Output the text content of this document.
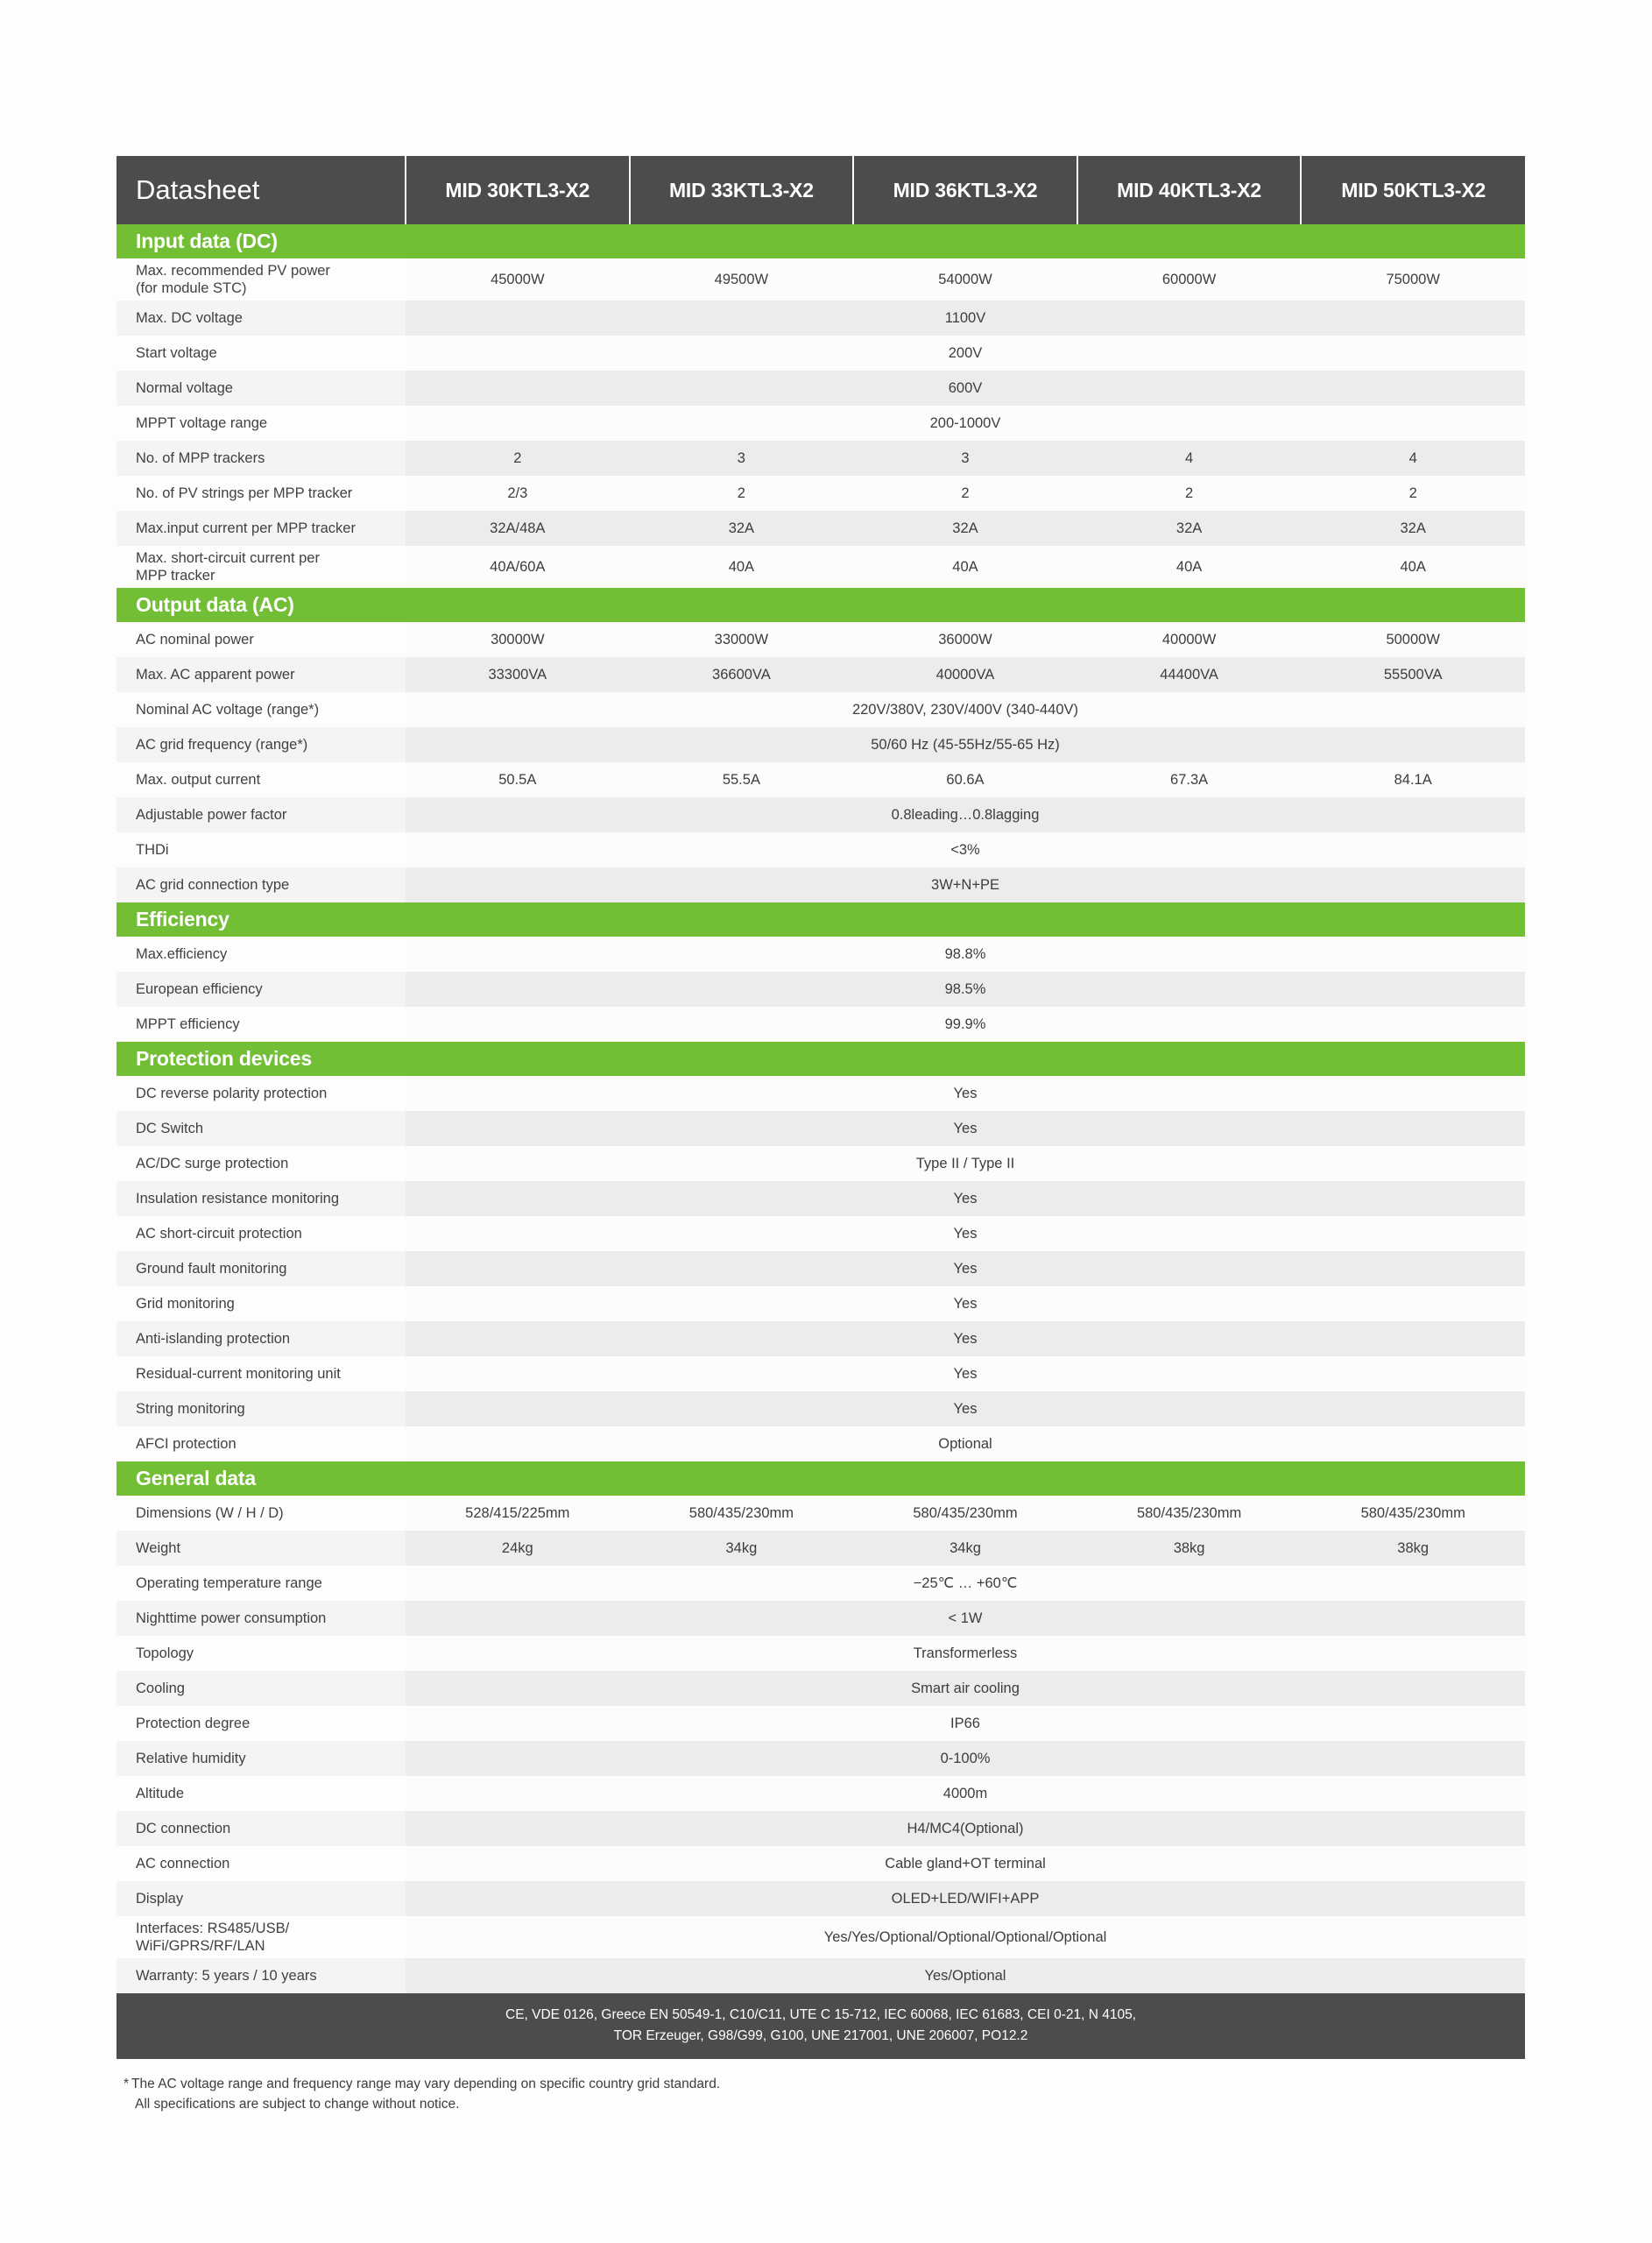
Datasheet	MID 30KTL3-X2	MID 33KTL3-X2	MID 36KTL3-X2	MID 40KTL3-X2	MID 50KTL3-X2
Input data (DC)					
Max. recommended PV power
(for module STC)	45000W	49500W	54000W	60000W	75000W
Max. DC voltage	1100V				
Start voltage	200V				
Normal voltage	600V				
MPPT voltage range	200-1000V				
No. of MPP trackers	2	3	3	4	4
No. of PV strings per MPP tracker	2/3	2	2	2	2
Max.input current per MPP tracker	32A/48A	32A	32A	32A	32A
Max. short-circuit current per
MPP tracker	40A/60A	40A	40A	40A	40A
Output data (AC)					
AC nominal power	30000W	33000W	36000W	40000W	50000W
Max. AC apparent power	33300VA	36600VA	40000VA	44400VA	55500VA
Nominal AC voltage (range*)	220V/380V, 230V/400V (340-440V)				
AC grid frequency (range*)	50/60 Hz (45-55Hz/55-65 Hz)				
Max. output current	50.5A	55.5A	60.6A	67.3A	84.1A
Adjustable power factor	0.8leading…0.8lagging				
THDi	<3%				
AC grid connection type	3W+N+PE				
Efficiency					
Max.efficiency	98.8%				
European efficiency	98.5%				
MPPT efficiency	99.9%				
Protection devices					
DC reverse polarity protection	Yes				
DC Switch	Yes				
AC/DC surge protection	Type II / Type II				
Insulation resistance monitoring	Yes				
AC short-circuit protection	Yes				
Ground fault monitoring	Yes				
Grid monitoring	Yes				
Anti-islanding protection	Yes				
Residual-current monitoring unit	Yes				
String monitoring	Yes				
AFCI protection	Optional				
General data					
Dimensions (W / H / D)	528/415/225mm	580/435/230mm	580/435/230mm	580/435/230mm	580/435/230mm
Weight	24kg	34kg	34kg	38kg	38kg
Operating temperature range	−25℃ … +60℃				
Nighttime power consumption	< 1W				
Topology	Transformerless				
Cooling	Smart air cooling				
Protection degree	IP66				
Relative humidity	0-100%				
Altitude	4000m				
DC connection	H4/MC4(Optional)				
AC connection	Cable gland+OT terminal				
Display	OLED+LED/WIFI+APP				
Interfaces: RS485/USB/
WiFi/GPRS/RF/LAN	Yes/Yes/Optional/Optional/Optional/Optional				
Warranty: 5 years / 10 years	Yes/Optional				
CE, VDE 0126, Greece EN 50549-1, C10/C11, UTE C 15-712, IEC 60068, IEC 61683, CEI 0-21, N 4105,
TOR Erzeuger, G98/G99, G100, UNE 217001, UNE 206007, PO12.2
* The AC voltage range and frequency range may vary depending on specific country grid standard.
All specifications are subject to change without notice.
